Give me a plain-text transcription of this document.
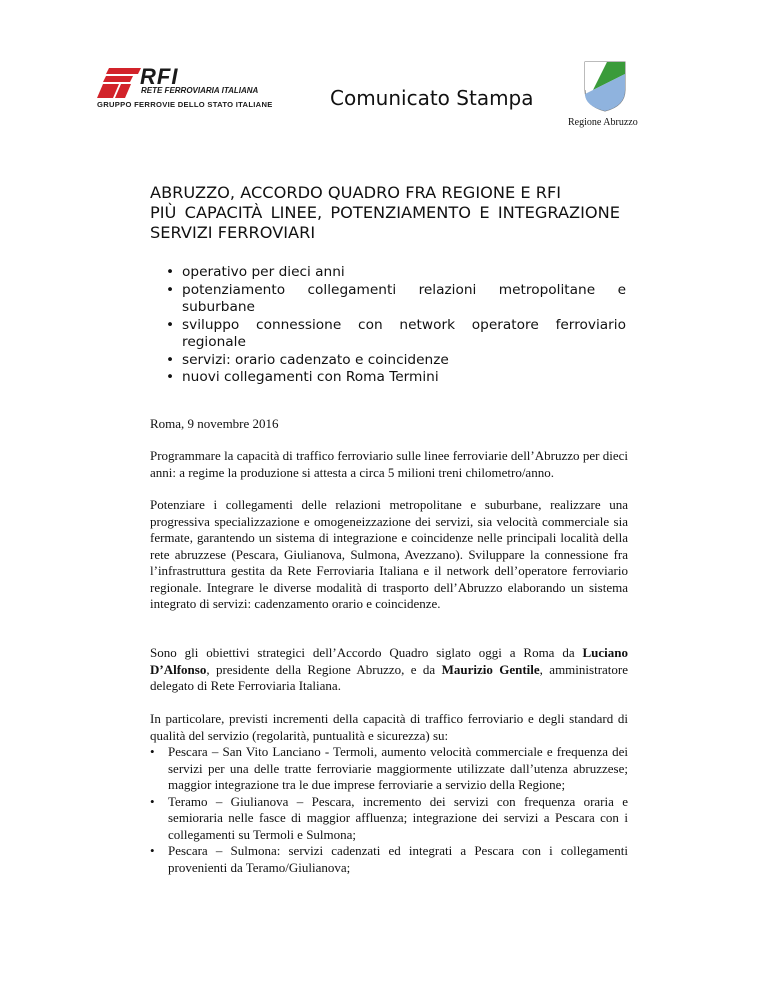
RFI
RETE FERROVIARIA ITALIANA
GRUPPO FERROVIE DELLO STATO ITALIANE	Comunicato Stampa
Regione Abruzzo
ABRUZZO, ACCORDO QUADRO FRA REGIONE E RFI
PIÙ CAPACITÀ LINEE, POTENZIAMENTO E INTEGRAZIONE
SERVIZI FERROVIARI
• operativo per dieci anni
• potenziamento collegamenti relazioni metropolitane e
suburbane
• sviluppo connessione con network operatore ferroviario
regionale
• servizi: orario cadenzato e coincidenze
• nuovi collegamenti con Roma Termini
Roma, 9 novembre 2016

Programmare la capacità di traffico ferroviario sulle linee ferroviarie dell’Abruzzo per dieci anni: a regime la produzione si attesta a circa 5 milioni treni chilometro/anno.

Potenziare i collegamenti delle relazioni metropolitane e suburbane, realizzare una progressiva specializzazione e omogeneizzazione dei servizi, sia velocità commerciale sia fermate, garantendo un sistema di integrazione e coincidenze nelle principali località della rete abruzzese (Pescara, Giulianova, Sulmona, Avezzano). Sviluppare la connessione fra l’infrastruttura gestita da Rete Ferroviaria Italiana e il network dell’operatore ferroviario regionale. Integrare le diverse modalità di trasporto dell’Abruzzo elaborando un sistema integrato di servizi: cadenzamento orario e coincidenze.

Sono gli obiettivi strategici dell’Accordo Quadro siglato oggi a Roma da Luciano D’Alfonso, presidente della Regione Abruzzo, e da Maurizio Gentile, amministratore delegato di Rete Ferroviaria Italiana.

In particolare, previsti incrementi della capacità di traffico ferroviario e degli standard di qualità del servizio (regolarità, puntualità e sicurezza) su:

• Pescara – San Vito Lanciano - Termoli, aumento velocità commerciale e frequenza dei servizi per una delle tratte ferroviarie maggiormente utilizzate dall’utenza abruzzese; maggior integrazione tra le due imprese ferroviarie a servizio della Regione;
• Teramo – Giulianova – Pescara, incremento dei servizi con frequenza oraria e semioraria nelle fasce di maggior affluenza; integrazione dei servizi a Pescara con i collegamenti su Termoli e Sulmona;
• Pescara – Sulmona: servizi cadenzati ed integrati a Pescara con i collegamenti provenienti da Teramo/Giulianova;
